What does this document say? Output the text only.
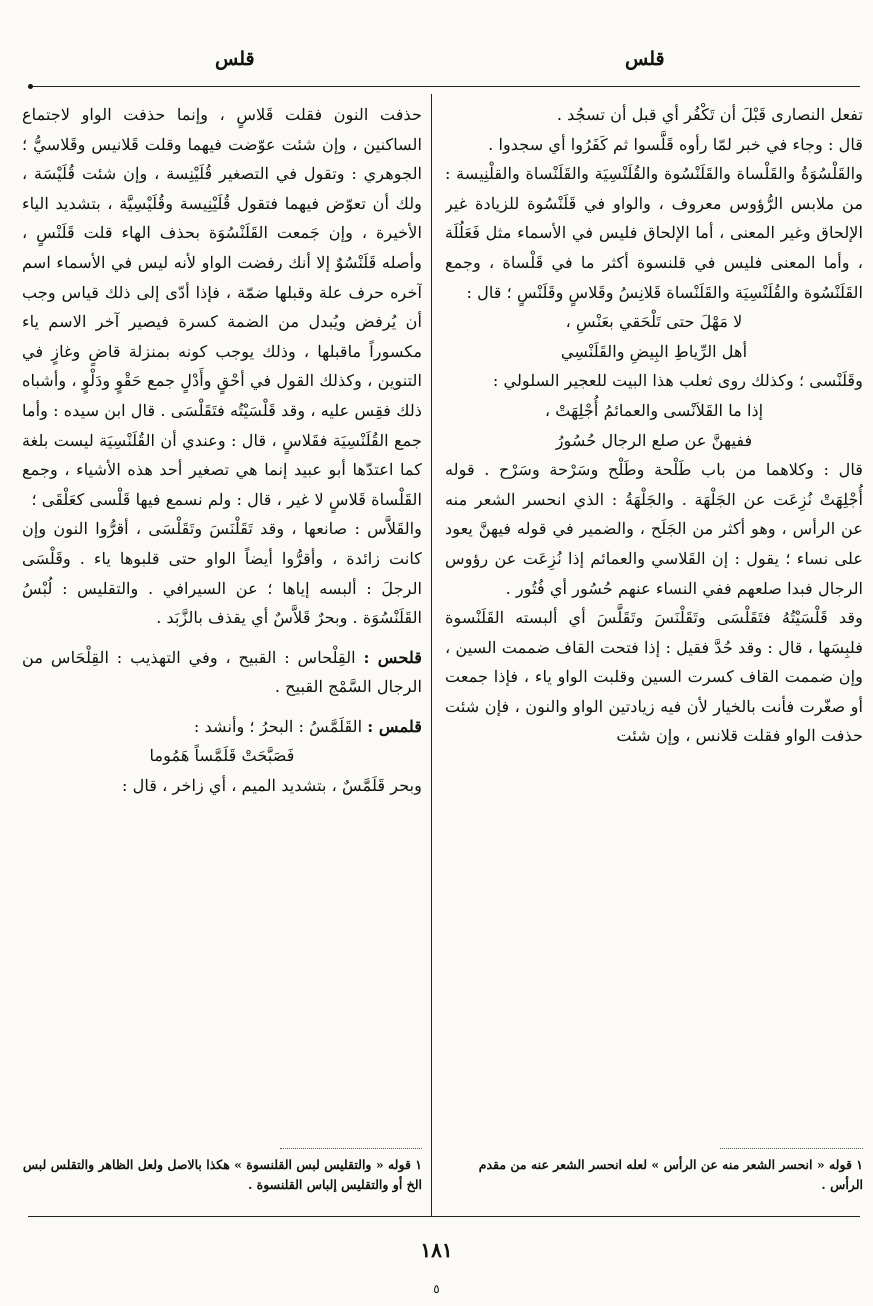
قلس
قلس

تفعل النصارى قَبْلَ أن تَكْفُر أي قبل أن تسجُد .

قال : وجاء في خبر لمّا رأوه قَلَّسوا ثم كَفَرُوا أي سجدوا .

والقَلْسُوَةُ والقَلْساة والقَلَنْسُوة والقُلَنْسِيَة والقَلَنْساة والقلْنِيسة : من ملابس الرُّؤوس معروف ، والواو في قَلَنْسُوة للزيادة غير الإلحاق وغير المعنى ، أما الإلحاق فليس في الأسماء مثل فَعَلُلَة ، وأما المعنى فليس في قلنسوة أكثر ما في قَلْساة ، وجمع القَلَنْسُوة والقُلَنْسِيَة والقَلَنْساة قَلانِسُ وقَلاسٍ وقَلَنْسٍ ؛ قال :

لا مَهْلَ حتى تَلْحَقي بعَنْسِ ،

أهل الرِّياطِ البِيضِ والقَلَنْسِي

وقَلَنْسى ؛ وكذلك روى ثعلب هذا البيت للعجير السلولي :

إذا ما القَلاَنْسى والعمائمُ أُجْلِهَتْ ،

ففيهنَّ عن صلع الرجال حُسُورُ

قال : وكلاهما من باب طَلْحة وطَلْح وسَرْحة وسَرْح . قوله أُجْلِهَتْ نُزِعَت عن الجَلْهَة . والجَلْهَةُ : الذي انحسر الشعر منه عن الرأس ، وهو أكثر من الجَلَح ، والضمير في قوله فيهنَّ يعود على نساء ؛ يقول : إن القَلاسي والعمائم إذا نُزِعَت عن رؤوس الرجال فبدا صلعهم ففي النساء عنهم حُسُور أي فُتُور .

وقد قَلْسَيْتُهُ فتَقَلْسَى وتَقَلْنَسَ وتَقَلَّسَ أي ألبسته القَلَنْسوة فلبِسَها ، قال : وقد حُدَّ فقيل : إذا فتحت القاف ضممت السين ، وإن ضممت القاف كسرت السين وقلبت الواو ياء ، فإذا جمعت أو صغّرت فأنت بالخيار لأن فيه زيادتين الواو والنون ، فإن شئت حذفت الواو فقلت قلانس ، وإن شئت

حذفت النون فقلت قَلاسٍ ، وإنما حذفت الواو لاجتماع الساكنين ، وإن شئت عوّضت فيهما وقلت قَلانيس وقَلاسيُّ ؛ الجوهري : وتقول في التصغير قُلَيْنِسة ، وإن شئت قُلَيْسَة ، ولك أن تعوّض فيهما فتقول قُلَيْنِيسة وقُلَيْسِيَّة ، بتشديد الياء الأخيرة ، وإن جَمعت القَلَنْسُوَة بحذف الهاء قلت قَلَنْسٍ ، وأصله قَلَنْسُوٌ إلا أنك رفضت الواو لأنه ليس في الأسماء اسم آخره حرف علة وقبلها ضمّة ، فإذا أدّى إلى ذلك قياس وجب أن يُرفض ويُبدل من الضمة كسرة فيصير آخر الاسم ياء مكسوراً ماقبلها ، وذلك يوجب كونه بمنزلة قاضٍ وغازٍ في التنوين ، وكذلك القول في أحْقٍ وأَدْلٍ جمع حَقْوٍ ودَلْوٍ ، وأشباه ذلك فقِس عليه ، وقد قَلْسَيْتُه فتَقَلْسَى . قال ابن سيده : وأما جمع القُلَنْسِيَة فقَلاسٍ ، قال : وعندي أن القُلَنْسِيَة ليست بلغة كما اعتدّها أبو عبيد إنما هي تصغير أحد هذه الأشياء ، وجمع القَلْساة قَلاسٍ لا غير ، قال : ولم نسمع فيها قَلْسى كعَلْقَى ؛

والقَلاَّس : صانعها ، وقد تَقَلْنَسَ وتَقَلْسَى ، أقرُّوا النون وإن كانت زائدة ، وأقرُّوا أيضاً الواو حتى قلبوها ياء . وقَلْسَى الرجلَ : ألبسه إياها ؛ عن السيرافي . والتقليس : لُبْسُ القَلَنْسُوَة . وبحرٌ قَلاَّسٌ أي يقذف بالزَّبَد .

قلحس : القِلْحاس : القبيح ، وفي التهذيب : القِلْحَاس من الرجال السَّمْج القبيح .

قلمس : القَلَمَّسُ : البحرُ ؛ وأنشد :

فَصَبَّحَتْ قَلَمَّساً هَمُوما

وبحر قَلَمَّسٌ ، بتشديد الميم ، أي زاخر ، قال :

١ قوله « انحسر الشعر منه عن الرأس » لعله انحسر الشعر عنه من مقدم الرأس .
١ قوله « والتقليس لبس القلنسوة » هكذا بالاصل ولعل الظاهر والتقلس لبس الخ أو والتقليس إلباس القلنسوة .
١٨١
٥
